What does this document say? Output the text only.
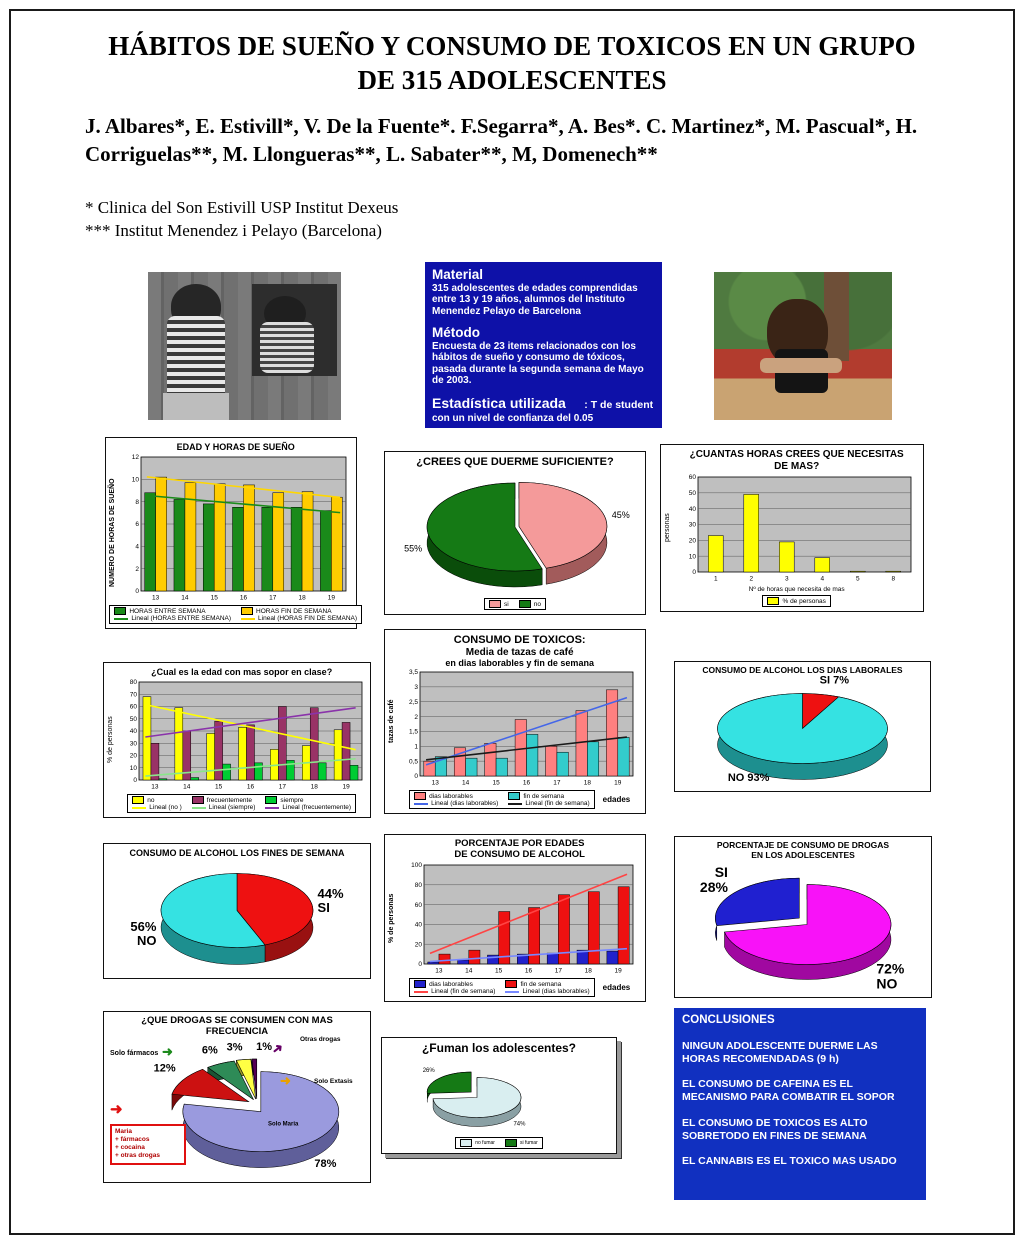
HÁBITOS DE SUEÑO Y CONSUMO DE TOXICOS EN UN GRUPO DE 315 ADOLESCENTES

J. Albares*, E. Estivill*, V. De la Fuente*. F.Segarra*, A. Bes*. C. Martinez*, M. Pascual*, H. Corriguelas**, M. Llongueras**, L. Sabater**, M, Domenech**

* Clinica del Son Estivill USP Institut Dexeus

*** Institut Menendez i Pelayo (Barcelona)

Material
315 adolescentes de edades comprendidas entre 13 y 19 años, alumnos del Instituto Menendez Pelayo de Barcelona
Método
Encuesta de 23 items relacionados con los hábitos de sueño y consumo de tóxicos, pasada durante la segunda semana de Mayo de 2003.
Estadística utilizada : T de student
con un nivel de confianza del 0.05
NUMERO DE HORAS DE SUEÑO
EDAD Y HORAS DE SUEÑO
0
2
4
6
8
10
12
13	14	15	16	17	18	19
HORAS ENTRE SEMANA	HORAS FIN DE SEMANA
Lineal (HORAS ENTRE SEMANA)	Lineal (HORAS FIN DE SEMANA)
¿CREES QUE DUERME SUFICIENTE?
45%
55%
si	no
personas
¿CUANTAS HORAS CREES QUE NECESITAS
DE MAS?
0
10
20
30
40
50
60
1	2	3	4	5	8
Nº de horas que necesita de mas
% de personas
% de personas
¿Cual es la edad con mas sopor en clase?
0
10
20
30
40
50
60
70
80
13	14	15	16	17	18	19
no	frecuentemente	siempre
Lineal (no )	Lineal (siempre)	Lineal (frecuentemente)
tazas de café
CONSUMO DE TOXICOS:
Media de tazas de café
en dias laborables y fin de semana
0
0,5
1
1,5
2
2,5
3
3,5
13	14	15	16	17	18	19
dias laborables	fin de semana
Lineal (dias laborables)	Lineal (fin de semana) edades
CONSUMO DE ALCOHOL LOS DIAS LABORALES
SI 7%
NO 93%
CONSUMO DE ALCOHOL LOS FINES DE SEMANA
44%
SI
56%
NO	% de personas
PORCENTAJE POR EDADES
DE CONSUMO DE ALCOHOL
0
20
40
60
80
100
13	14	15	16	17	18	19
dias laborables	fin de semana
Lineal (fin de semana)	Lineal (dias laborables) edades
PORCENTAJE DE CONSUMO DE DROGAS
EN LOS ADOLESCENTES
72%
NO
SI
28%
Solo fármacos ➜
Otras drogas
➜
Solo Extasis
➜
➜
Maria
+ fármacos
+ cocaina
+ otras drogas
¿QUE DROGAS SE CONSUMEN CON MAS
FRECUENCIA
Solo Maria
78%
12%
6% 3% 1%	¿Fuman los adolescentes?
74%
26%
no fumar	si fumar
CONCLUSIONES
NINGUN ADOLESCENTE DUERME LAS HORAS RECOMENDADAS (9 h)
EL CONSUMO DE CAFEINA ES EL MECANISMO PARA COMBATIR EL SOPOR
EL CONSUMO DE TOXICOS ES ALTO SOBRETODO EN FINES DE SEMANA
EL CANNABIS ES EL TOXICO MAS USADO
